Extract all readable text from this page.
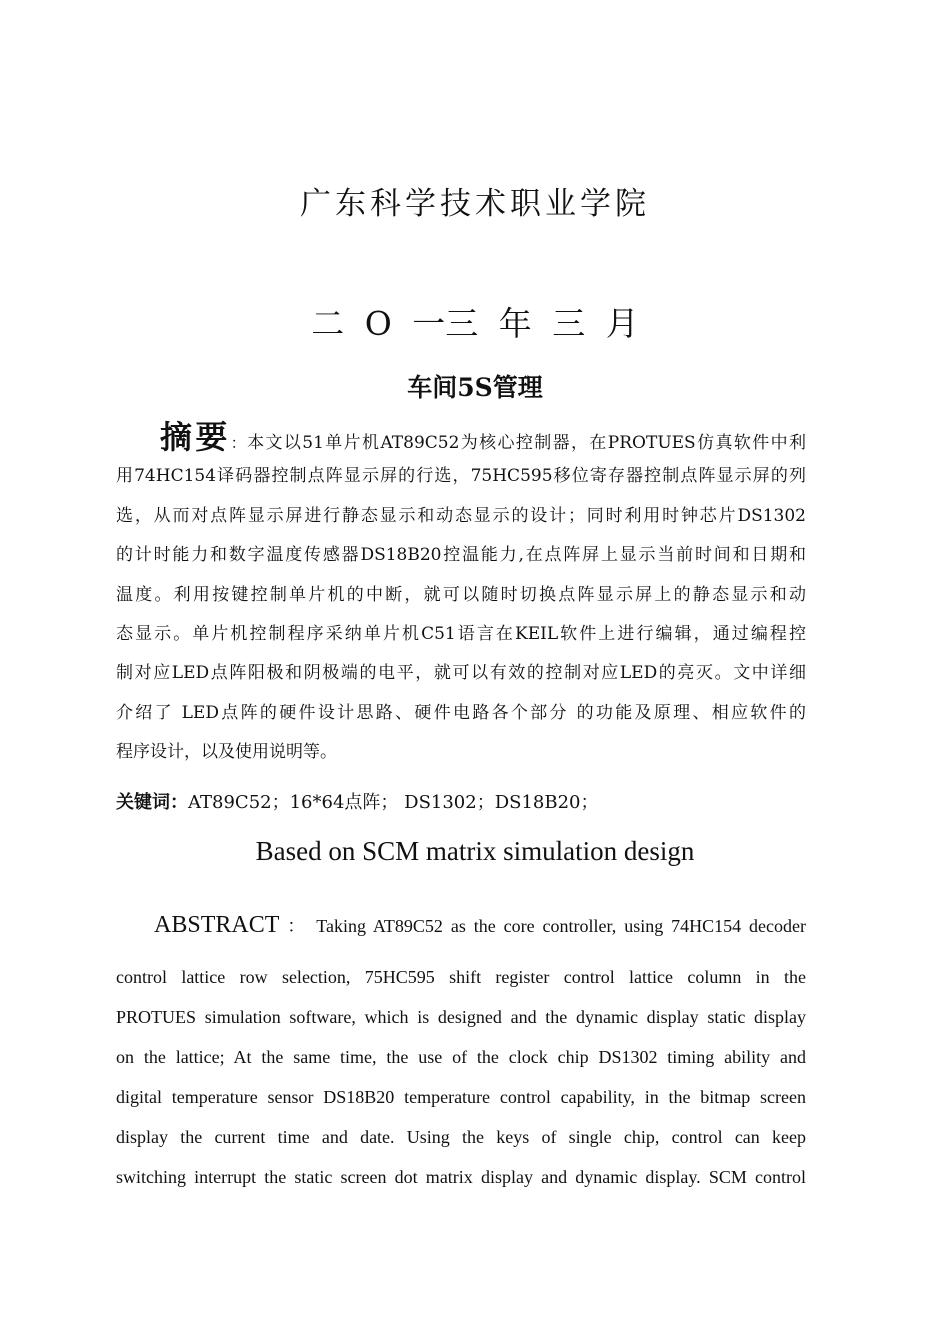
广东科学技术职业学院
二 O 一三 年 三 月
车间5S管理
摘要：本文以51单片机AT89C52为核心控制器，在PROTUES仿真软件中利
用74HC154译码器控制点阵显示屏的行选，75HC595移位寄存器控制点阵显示屏的列
选，从而对点阵显示屏进行静态显示和动态显示的设计；同时利用时钟芯片DS1302
的计时能力和数字温度传感器DS18B20控温能力,在点阵屏上显示当前时间和日期和
温度。利用按键控制单片机的中断，就可以随时切换点阵显示屏上的静态显示和动
态显示。单片机控制程序采纳单片机C51语言在KEIL软件上进行编辑，通过编程控
制对应LED点阵阳极和阴极端的电平，就可以有效的控制对应LED的亮灭。文中详细
介绍了 LED点阵的硬件设计思路、硬件电路各个部分 的功能及原理、相应软件的
程序设计，以及使用说明等。
关键词：AT89C52；16*64点阵； DS1302；DS18B20；
Based on SCM matrix simulation design
ABSTRACT ： Taking AT89C52 as the core controller, using 74HC154 decoder
control lattice row selection, 75HC595 shift register control lattice column in the
PROTUES simulation software, which is designed and the dynamic display static display
on the lattice; At the same time, the use of the clock chip DS1302 timing ability and
digital temperature sensor DS18B20 temperature control capability, in the bitmap screen
display the current time and date. Using the keys of single chip, control can keep
switching interrupt the static screen dot matrix display and dynamic display. SCM control
